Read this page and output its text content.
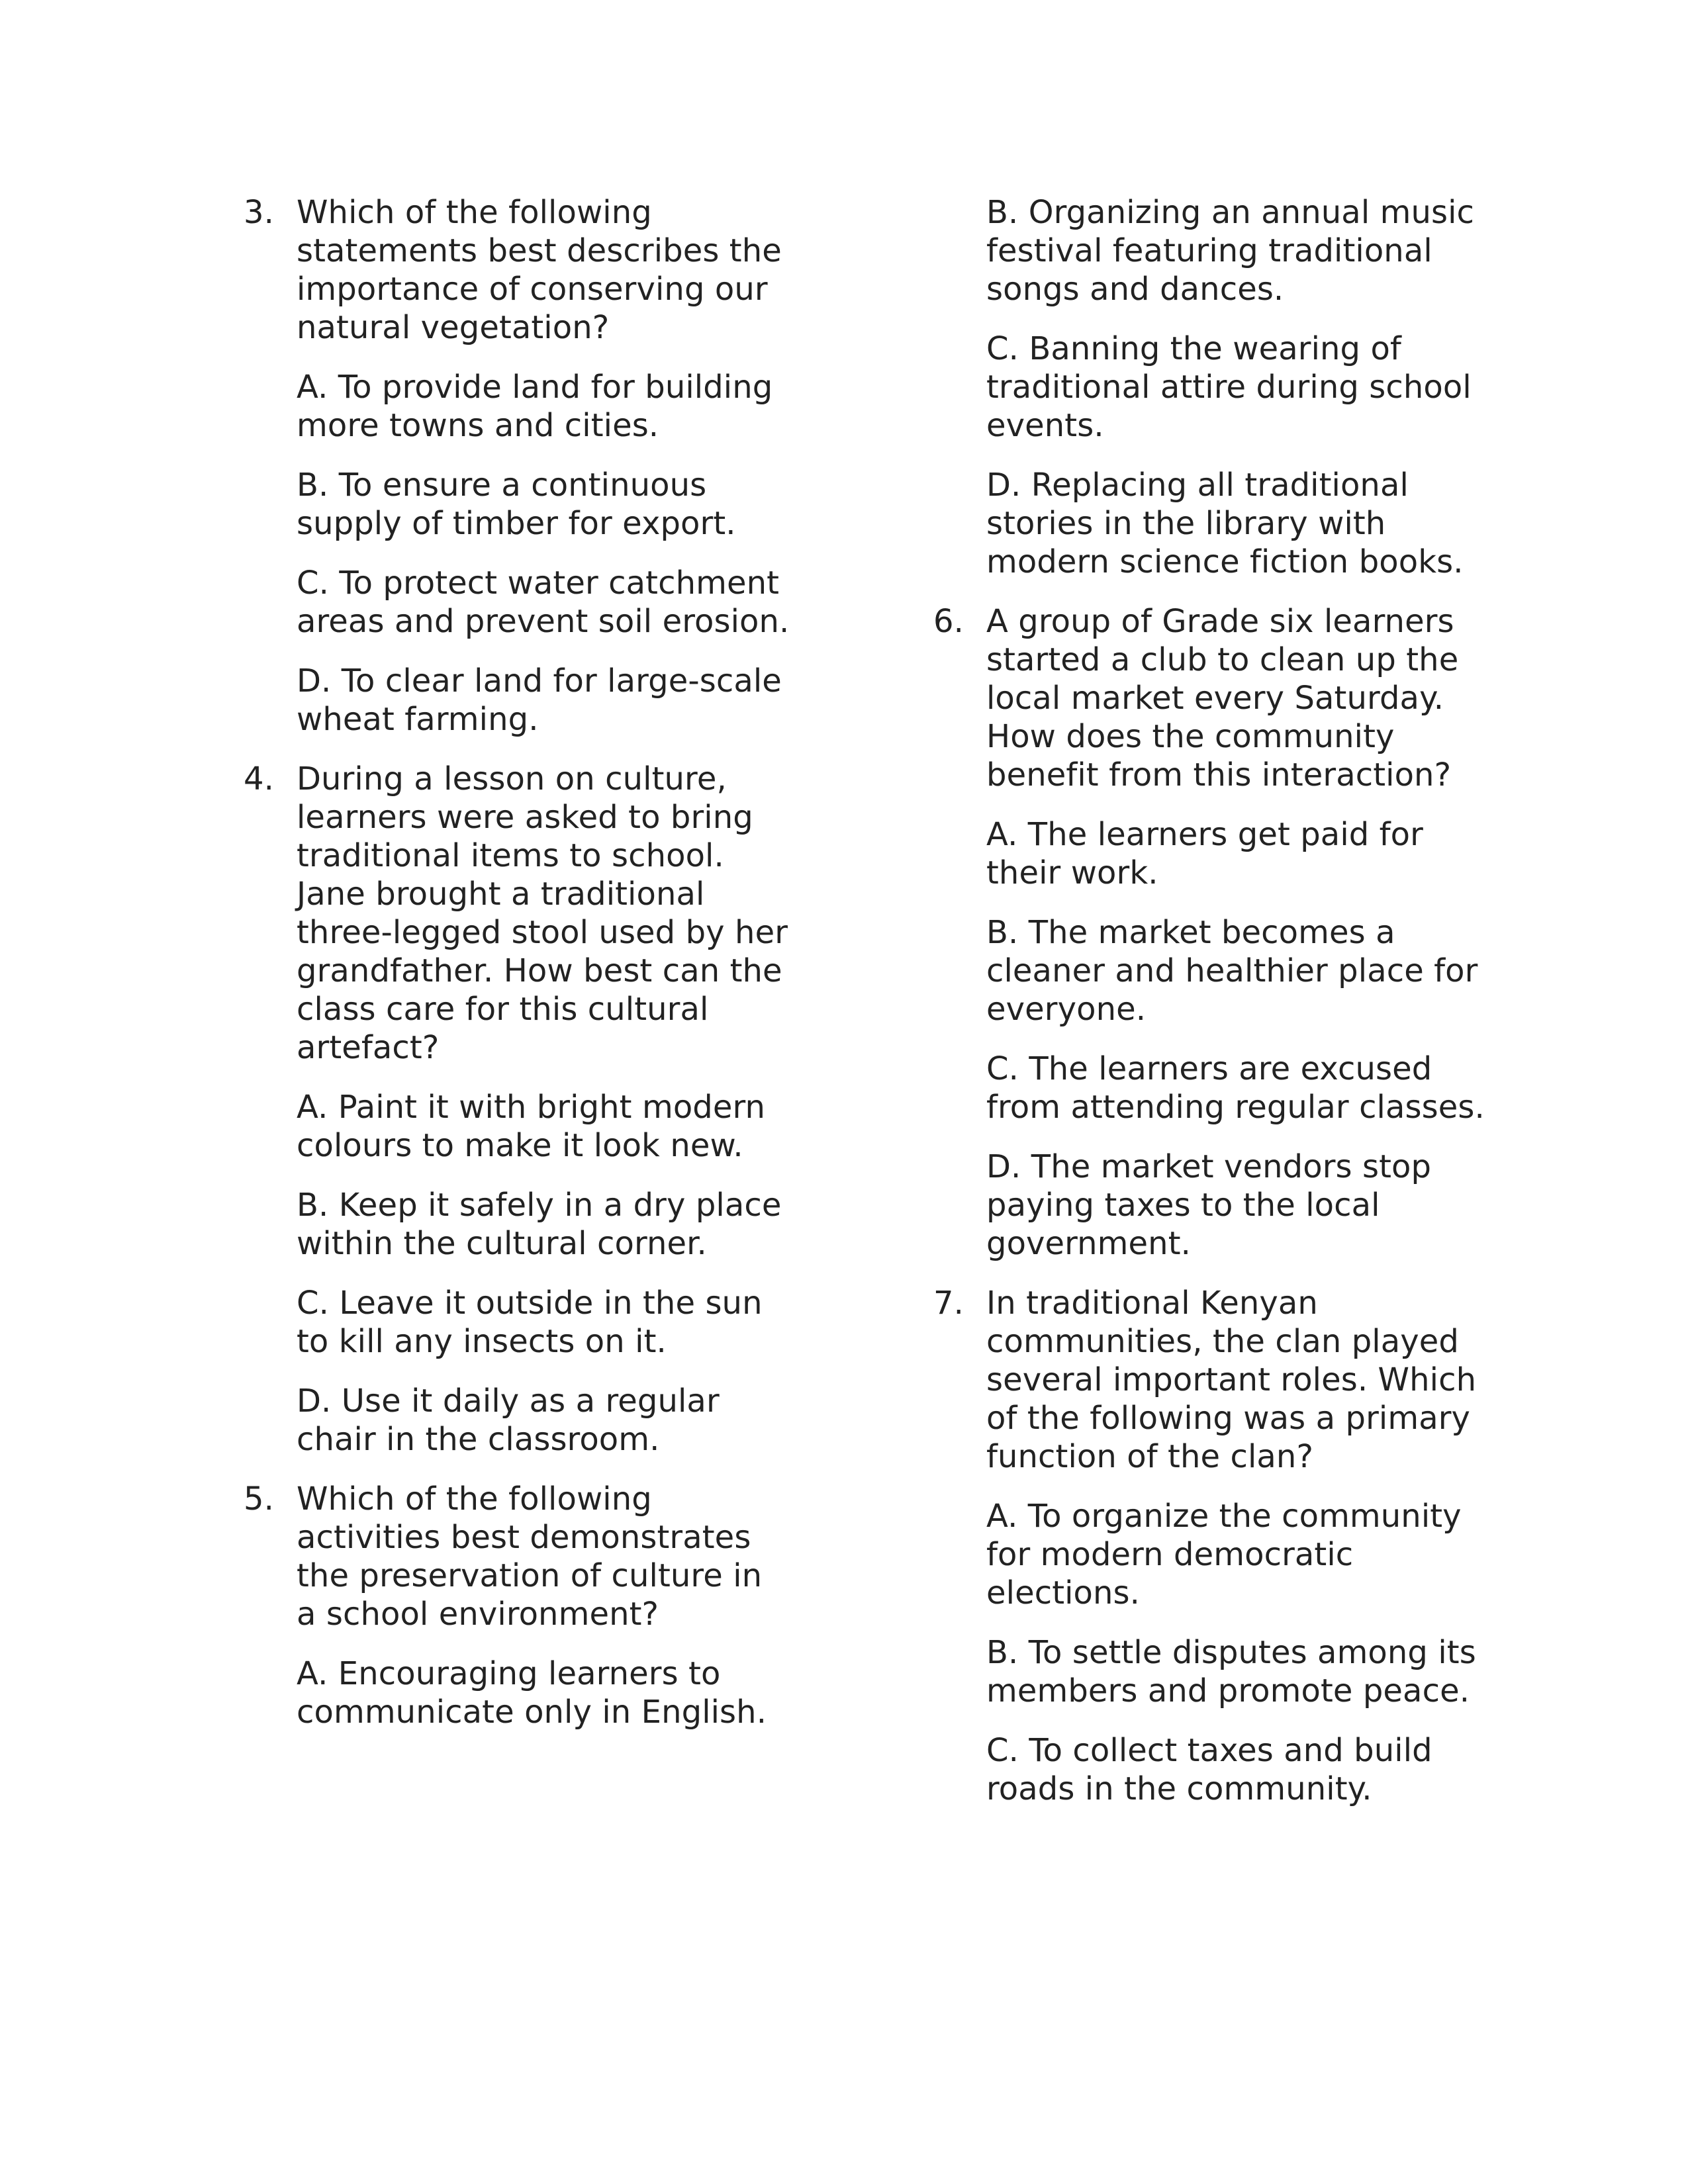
3. Which of the following statements best describes the importance of conserving our natural vegetation?
A. To provide land for building more towns and cities.
B. To ensure a continuous supply of timber for export.
C. To protect water catchment areas and prevent soil erosion.
D. To clear land for large-scale wheat farming.
4. During a lesson on culture, learners were asked to bring traditional items to school. Jane brought a traditional three-legged stool used by her grandfather. How best can the class care for this cultural artefact?
A. Paint it with bright modern colours to make it look new.
B. Keep it safely in a dry place within the cultural corner.
C. Leave it outside in the sun to kill any insects on it.
D. Use it daily as a regular chair in the classroom.
5. Which of the following activities best demonstrates the preservation of culture in a school environment?
A. Encouraging learners to communicate only in English.
B. Organizing an annual music festival featuring traditional songs and dances.
C. Banning the wearing of traditional attire during school events.
D. Replacing all traditional stories in the library with modern science fiction books.
6. A group of Grade six learners started a club to clean up the local market every Saturday. How does the community benefit from this interaction?
A. The learners get paid for their work.
B. The market becomes a cleaner and healthier place for everyone.
C. The learners are excused from attending regular classes.
D. The market vendors stop paying taxes to the local government.
7. In traditional Kenyan communities, the clan played several important roles. Which of the following was a primary function of the clan?
A. To organize the community for modern democratic elections.
B. To settle disputes among its members and promote peace.
C. To collect taxes and build roads in the community.
